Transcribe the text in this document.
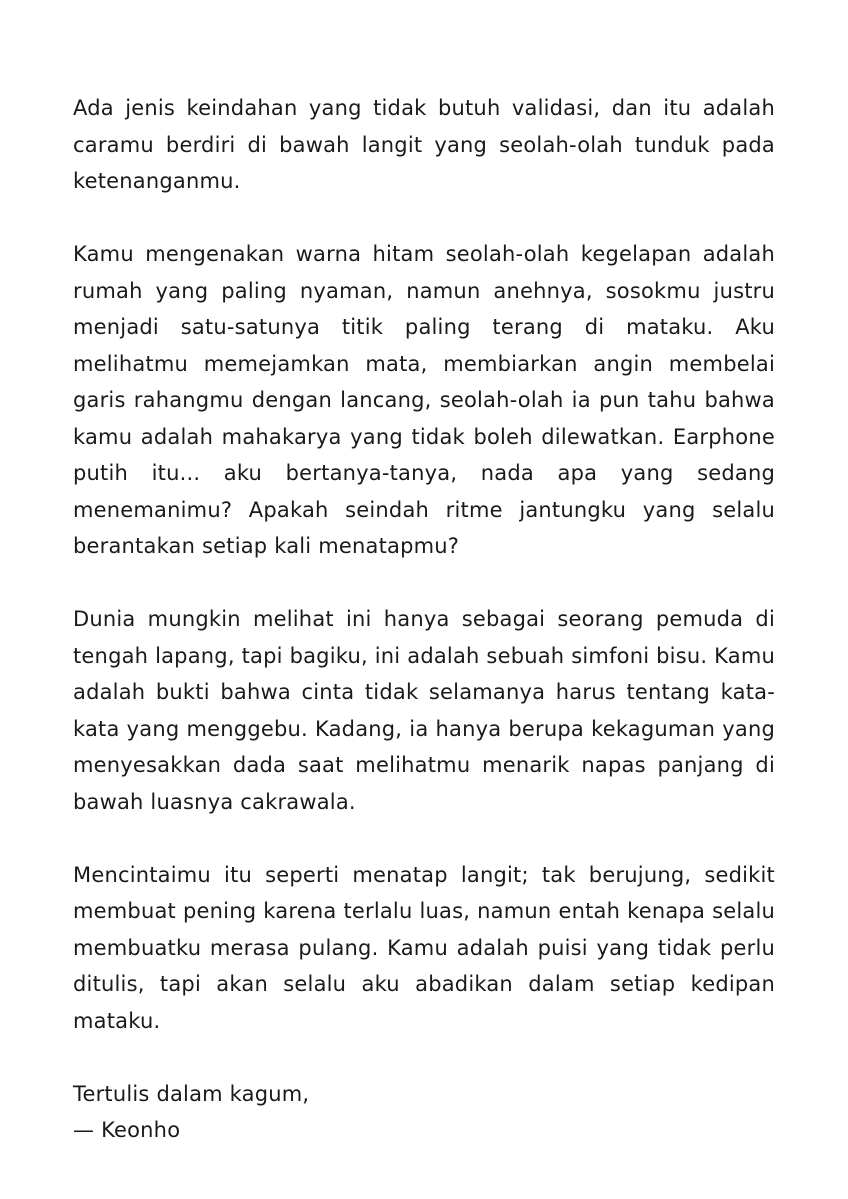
Ada jenis keindahan yang tidak butuh validasi, dan itu adalah caramu berdiri di bawah langit yang seolah-olah tunduk pada ketenanganmu.

Kamu mengenakan warna hitam seolah-olah kegelapan adalah rumah yang paling nyaman, namun anehnya, sosokmu justru menjadi satu-satunya titik paling terang di mataku. Aku melihatmu memejamkan mata, membiarkan angin membelai garis rahangmu dengan lancang, seolah-olah ia pun tahu bahwa kamu adalah mahakarya yang tidak boleh dilewatkan. Earphone putih itu... aku bertanya-tanya, nada apa yang sedang menemanimu? Apakah seindah ritme jantungku yang selalu berantakan setiap kali menatapmu?

Dunia mungkin melihat ini hanya sebagai seorang pemuda di tengah lapang, tapi bagiku, ini adalah sebuah simfoni bisu. Kamu adalah bukti bahwa cinta tidak selamanya harus tentang kata-kata yang menggebu. Kadang, ia hanya berupa kekaguman yang menyesakkan dada saat melihatmu menarik napas panjang di bawah luasnya cakrawala.

Mencintaimu itu seperti menatap langit; tak berujung, sedikit membuat pening karena terlalu luas, namun entah kenapa selalu membuatku merasa pulang. Kamu adalah puisi yang tidak perlu ditulis, tapi akan selalu aku abadikan dalam setiap kedipan mataku.

Tertulis dalam kagum,
— Keonho
